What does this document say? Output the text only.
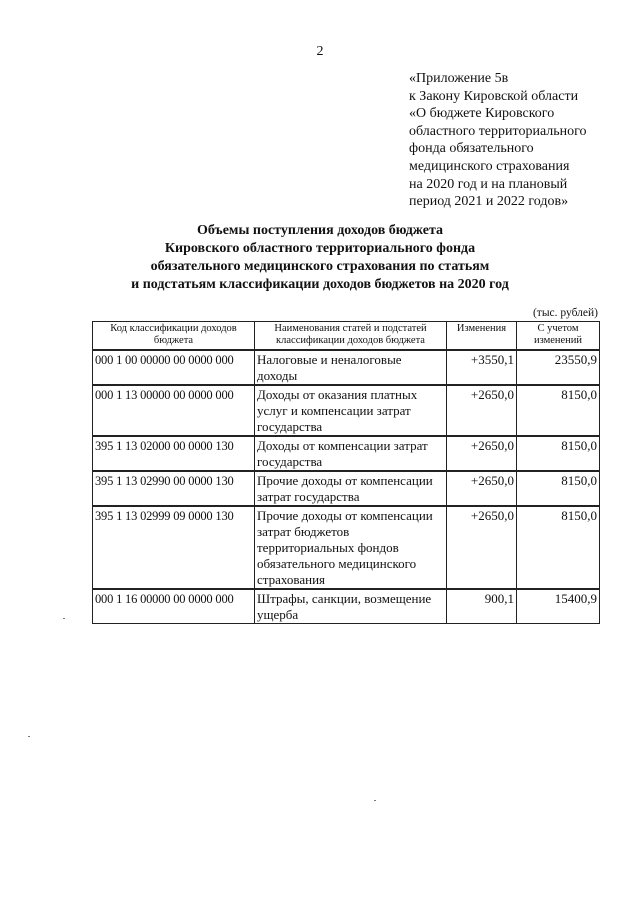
2
«Приложение 5в
к Закону Кировской области
«О бюджете Кировского
областного территориального
фонда обязательного
медицинского страхования
на 2020 год и на плановый
период 2021 и 2022 годов»
Объемы поступления доходов бюджета
Кировского областного территориального фонда
обязательного медицинского страхования по статьям
и подстатьям классификации доходов бюджетов на 2020 год
(тыс. рублей)
Код классификации доходов бюджета	Наименования статей и подстатей классификации доходов бюджета	Изменения	С учетом изменений
000 1 00 00000 00 0000 000	Налоговые и неналоговые доходы	+3550,1	23550,9
000 1 13 00000 00 0000 000	Доходы от оказания платных услуг и компенсации затрат государства	+2650,0	8150,0
395 1 13 02000 00 0000 130	Доходы от компенсации затрат государства	+2650,0	8150,0
395 1 13 02990 00 0000 130	Прочие доходы от компенсации затрат государства	+2650,0	8150,0
395 1 13 02999 09 0000 130	Прочие доходы от компенсации затрат бюджетов территориальных фондов обязательного медицинского страхования	+2650,0	8150,0
000 1 16 00000 00 0000 000	Штрафы, санкции, возмещение ущерба	900,1	15400,9
